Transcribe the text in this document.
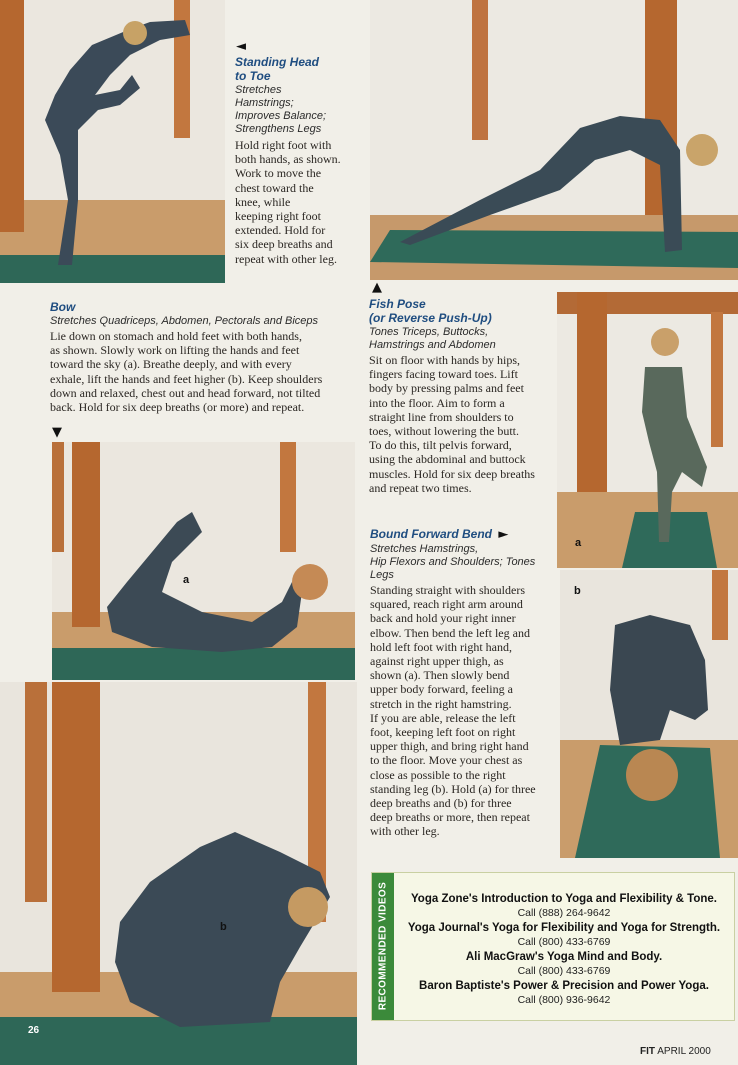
◄
Standing Head
to Toe
Stretches
Hamstrings;
Improves Balance;
Strengthens Legs
Hold right foot with
both hands, as shown.
Work to move the
chest toward the
knee, while
keeping right foot
extended. Hold for
six deep breaths and
repeat with other leg.
Bow
Stretches Quadriceps, Abdomen, Pectorals and Biceps
Lie down on stomach and hold feet with both hands,
as shown. Slowly work on lifting the hands and feet
toward the sky (a). Breathe deeply, and with every
exhale, lift the hands and feet higher (b). Keep shoulders
down and relaxed, chest out and head forward, not tilted
back. Hold for six deep breaths (or more) and repeat.
▼
▲
Fish Pose
(or Reverse Push-Up)
Tones Triceps, Buttocks,
Hamstrings and Abdomen
Sit on floor with hands by hips,
fingers facing toward toes. Lift
body by pressing palms and feet
into the floor. Aim to form a
straight line from shoulders to
toes, without lowering the butt.
To do this, tilt pelvis forward,
using the abdominal and buttock
muscles. Hold for six deep breaths
and repeat two times.
Bound Forward Bend ►
Stretches Hamstrings,
Hip Flexors and Shoulders; Tones
Legs
Standing straight with shoulders
squared, reach right arm around
back and hold your right inner
elbow. Then bend the left leg and
hold left foot with right hand,
against right upper thigh, as
shown (a). Then slowly bend
upper body forward, feeling a
stretch in the right hamstring.
If you are able, release the left
foot, keeping left foot on right
upper thigh, and bring right hand
to the floor. Move your chest as
close as possible to the right
standing leg (b). Hold (a) for three
deep breaths and (b) for three
deep breaths or more, then repeat
with other leg.
a
b
a
b
RECOMMENDED VIDEOS	Yoga Zone's Introduction to Yoga and Flexibility & Tone.
Call (888) 264-9642
Yoga Journal's Yoga for Flexibility and Yoga for Strength.
Call (800) 433-6769
Ali MacGraw's Yoga Mind and Body.
Call (800) 433-6769
Baron Baptiste's Power & Precision and Power Yoga.
Call (800) 936-9642
26
FIT APRIL 2000
